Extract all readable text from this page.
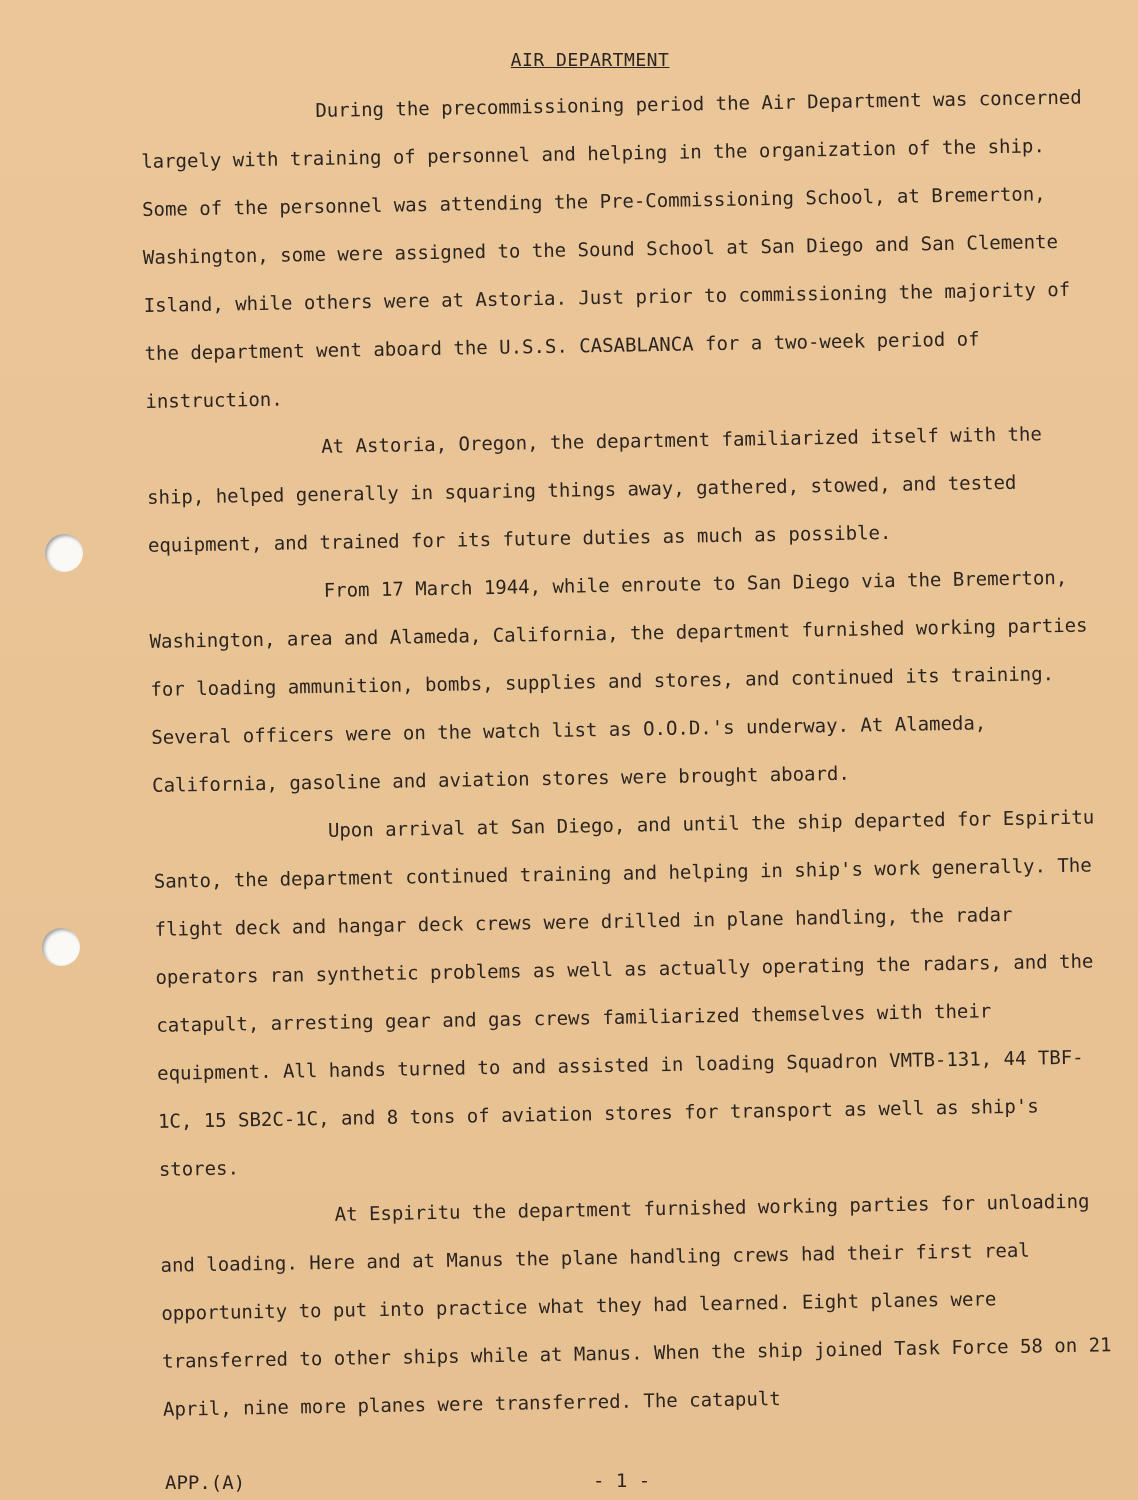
AIR DEPARTMENT

During the precommissioning period the Air Department was concerned largely with training of personnel and helping in the organization of the ship. Some of the personnel was attending the Pre-Commissioning School, at Bremerton, Washington, some were assigned to the Sound School at San Diego and San Clemente Island, while others were at Astoria. Just prior to commissioning the majority of the department went aboard the U.S.S. CASABLANCA for a two-week period of instruction.

At Astoria, Oregon, the department familiarized itself with the ship, helped generally in squaring things away, gathered, stowed, and tested equipment, and trained for its future duties as much as possible.

From 17 March 1944, while enroute to San Diego via the Bremerton, Washington, area and Alameda, California, the department furnished working parties for loading ammunition, bombs, supplies and stores, and continued its training. Several officers were on the watch list as O.O.D.'s underway. At Alameda, California, gasoline and aviation stores were brought aboard.

Upon arrival at San Diego, and until the ship departed for Espiritu Santo, the department continued training and helping in ship's work generally. The flight deck and hangar deck crews were drilled in plane handling, the radar operators ran synthetic problems as well as actually operating the radars, and the catapult, arresting gear and gas crews familiarized themselves with their equipment. All hands turned to and assisted in loading Squadron VMTB-131, 44 TBF-1C, 15 SB2C-1C, and 8 tons of aviation stores for transport as well as ship's stores.

At Espiritu the department furnished working parties for unloading and loading. Here and at Manus the plane handling crews had their first real opportunity to put into practice what they had learned. Eight planes were transferred to other ships while at Manus. When the ship joined Task Force 58 on 21 April, nine more planes were transferred. The catapult

APP.(A)	- 1 -
